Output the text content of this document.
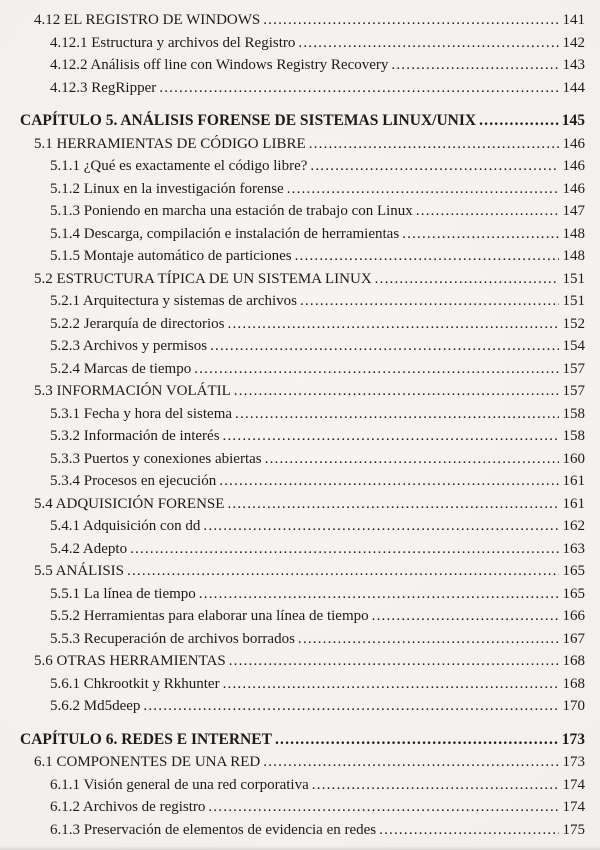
4.12 EL REGISTRO DE WINDOWS .....	141
4.12.1 Estructura y archivos del Registro .....	142
4.12.2 Análisis off line con Windows Registry Recovery .....	143
4.12.3 RegRipper .....	144
CAPÍTULO 5. ANÁLISIS FORENSE DE SISTEMAS LINUX/UNIX .....	145
5.1 HERRAMIENTAS DE CÓDIGO LIBRE .....	146
5.1.1 ¿Qué es exactamente el código libre? .....	146
5.1.2 Linux en la investigación forense .....	146
5.1.3 Poniendo en marcha una estación de trabajo con Linux .....	147
5.1.4 Descarga, compilación e instalación de herramientas .....	148
5.1.5 Montaje automático de particiones .....	148
5.2 ESTRUCTURA TÍPICA DE UN SISTEMA LINUX .....	151
5.2.1 Arquitectura y sistemas de archivos .....	151
5.2.2 Jerarquía de directorios .....	152
5.2.3 Archivos y permisos .....	154
5.2.4 Marcas de tiempo .....	157
5.3 INFORMACIÓN VOLÁTIL .....	157
5.3.1 Fecha y hora del sistema .....	158
5.3.2 Información de interés .....	158
5.3.3 Puertos y conexiones abiertas .....	160
5.3.4 Procesos en ejecución .....	161
5.4 ADQUISICIÓN FORENSE .....	161
5.4.1 Adquisición con dd .....	162
5.4.2 Adepto .....	163
5.5 ANÁLISIS .....	165
5.5.1 La línea de tiempo .....	165
5.5.2 Herramientas para elaborar una línea de tiempo .....	166
5.5.3 Recuperación de archivos borrados .....	167
5.6 OTRAS HERRAMIENTAS .....	168
5.6.1 Chkrootkit y Rkhunter .....	168
5.6.2 Md5deep .....	170
CAPÍTULO 6. REDES E INTERNET .....	173
6.1 COMPONENTES DE UNA RED .....	173
6.1.1 Visión general de una red corporativa .....	174
6.1.2 Archivos de registro .....	174
6.1.3 Preservación de elementos de evidencia en redes .....	175
